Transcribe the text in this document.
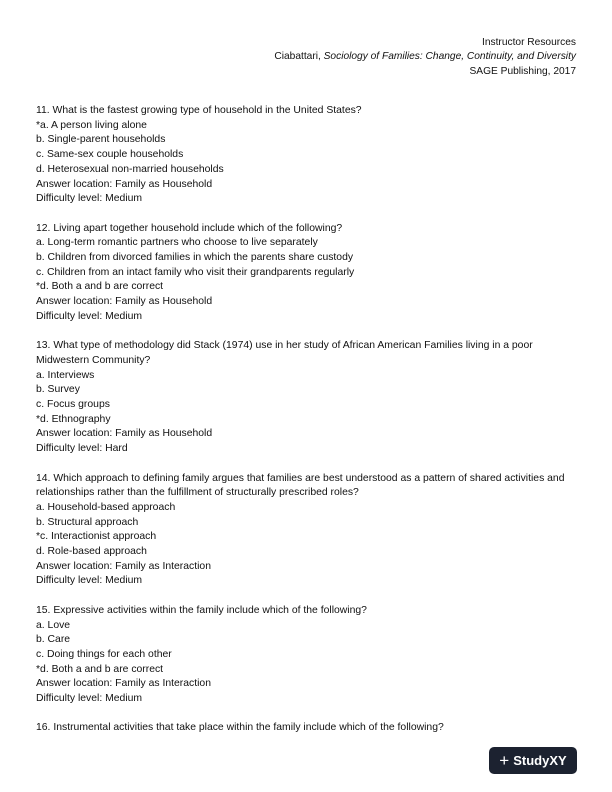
Instructor Resources
Ciabattari, Sociology of Families: Change, Continuity, and Diversity
SAGE Publishing, 2017

11. What is the fastest growing type of household in the United States?

*a. A person living alone

b. Single-parent households

c. Same-sex couple households

d. Heterosexual non-married households

Answer location: Family as Household

Difficulty level: Medium

12. Living apart together household include which of the following?

a. Long-term romantic partners who choose to live separately

b. Children from divorced families in which the parents share custody

c. Children from an intact family who visit their grandparents regularly

*d. Both a and b are correct

Answer location: Family as Household

Difficulty level: Medium

13. What type of methodology did Stack (1974) use in her study of African American Families living in a poor Midwestern Community?

a. Interviews

b. Survey

c. Focus groups

*d. Ethnography

Answer location: Family as Household

Difficulty level: Hard

14. Which approach to defining family argues that families are best understood as a pattern of shared activities and relationships rather than the fulfillment of structurally prescribed roles?

a. Household-based approach

b. Structural approach

*c. Interactionist approach

d. Role-based approach

Answer location: Family as Interaction

Difficulty level: Medium

15. Expressive activities within the family include which of the following?

a. Love

b. Care

c. Doing things for each other

*d. Both a and b are correct

Answer location: Family as Interaction

Difficulty level: Medium

16. Instrumental activities that take place within the family include which of the following?

+ StudyXY
